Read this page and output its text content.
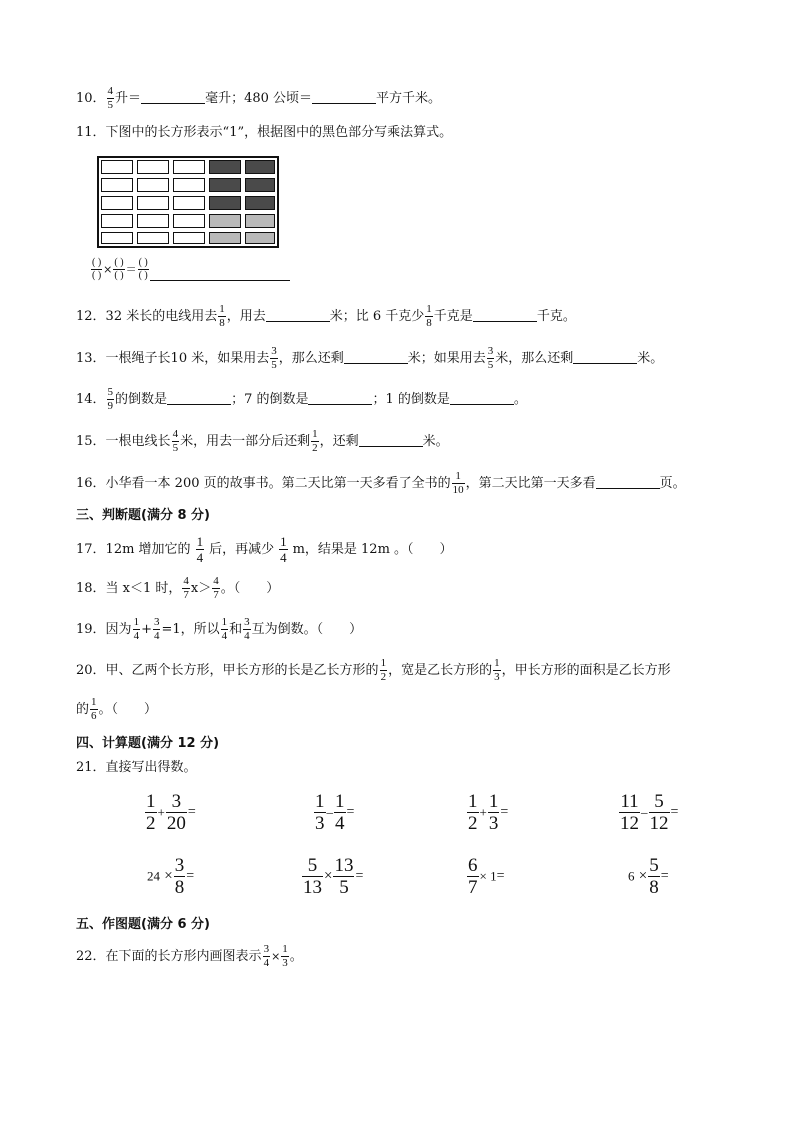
10． $\frac{4}{5}$ 升＝	毫升；480 公顷＝	平方千米。
11．下图中的长方形表示“1”，根据图中的黑色部分写乘法算式。
$\frac{( )}{( )} \times \frac{( )}{( )} = \frac{( )}{( )}$
12．32 米长的电线用去 $\frac{1}{8}$ ，用去	米；比 6 千克少 $\frac{1}{8}$ 千克是	千克。
13．一根绳子长10 米，如果用去 $\frac{3}{5}$ ，那么还剩	米；如果用去 $\frac{3}{5}$ 米，那么还剩	米。
14． $\frac{5}{9}$ 的倒数是	；7 的倒数是	；1 的倒数是	。
15．一根电线长 $\frac{4}{5}$ 米，用去一部分后还剩 $\frac{1}{2}$ ，还剩	米。
16．小华看一本 200 页的故事书。第二天比第一天多看了全书的 $\frac{1}{10}$ ，第二天比第一天多看	页。
三、判断题(满分 8 分)
17．12m 增加它的 $\frac{1}{4}$ 后，再减少 $\frac{1}{4}$ m，结果是 12m 。（　　）
18．当 x＜1 时， $\frac{4}{7} x> \frac{4}{7}$ 。（　　）
19．因为 $\frac{1}{4} + \frac{3}{4} =1$，所以 $\frac{1}{4}$ 和 $\frac{3}{4}$ 互为倒数。（　　）
20．甲、乙两个长方形，甲长方形的长是乙长方形的 $\frac{1}{2}$ ，宽是乙长方形的 $\frac{1}{3}$ ，甲长方形的面积是乙长方形
的 $\frac{1}{6}$ 。（　　）
四、计算题(满分 12 分)
21．直接写出得数。
$\frac{1}{2} + \frac{3}{20}$ =	$\frac{1}{3} - \frac{1}{4}$ =	$\frac{1}{2} + \frac{1}{3}$ =	$\frac{11}{12} - \frac{5}{12}$ =
$24 \times \frac{3}{8}$ =	$\frac{5}{13} \times \frac{13}{5}$ =	$\frac{6}{7} \times 1=$	$6 \times \frac{5}{8}$ =
五、作图题(满分 6 分)
22．在下面的长方形内画图表示 $\frac{3}{4} \times \frac{1}{3}$ 。
